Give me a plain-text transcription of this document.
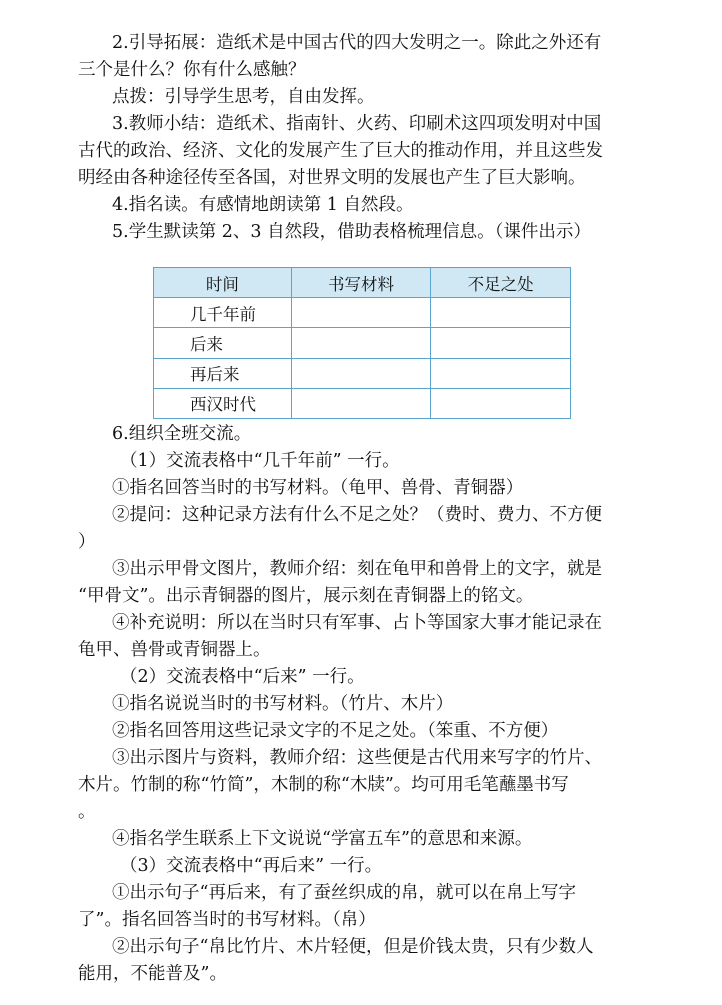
2.引导拓展：造纸术是中国古代的四大发明之一。除此之外还有
三个是什么？你有什么感触？
点拨：引导学生思考，自由发挥。
3.教师小结：造纸术、指南针、火药、印刷术这四项发明对中国
古代的政治、经济、文化的发展产生了巨大的推动作用，并且这些发
明经由各种途径传至各国，对世界文明的发展也产生了巨大影响。
4.指名读。有感情地朗读第 1 自然段。
5.学生默读第 2、3 自然段，借助表格梳理信息。（课件出示）
时间	书写材料	不足之处
几千年前		
后来		
再后来		
西汉时代		
6.组织全班交流。
（1）交流表格中“几千年前” 一行。
①指名回答当时的书写材料。（龟甲、兽骨、青铜器）
②提问：这种记录方法有什么不足之处？（费时、费力、不方便
）
③出示甲骨文图片，教师介绍：刻在龟甲和兽骨上的文字，就是
“甲骨文”。出示青铜器的图片，展示刻在青铜器上的铭文。
④补充说明：所以在当时只有军事、占卜等国家大事才能记录在
龟甲、兽骨或青铜器上。
（2）交流表格中“后来” 一行。
①指名说说当时的书写材料。（竹片、木片）
②指名回答用这些记录文字的不足之处。（笨重、不方便）
③出示图片与资料，教师介绍：这些便是古代用来写字的竹片、
木片。竹制的称“竹简”，木制的称“木牍”。均可用毛笔蘸墨书写
。
④指名学生联系上下文说说“学富五车”的意思和来源。
（3）交流表格中“再后来” 一行。
①出示句子“再后来，有了蚕丝织成的帛，就可以在帛上写字
了”。指名回答当时的书写材料。（帛）
②出示句子“帛比竹片、木片轻便，但是价钱太贵，只有少数人
能用，不能普及”。
